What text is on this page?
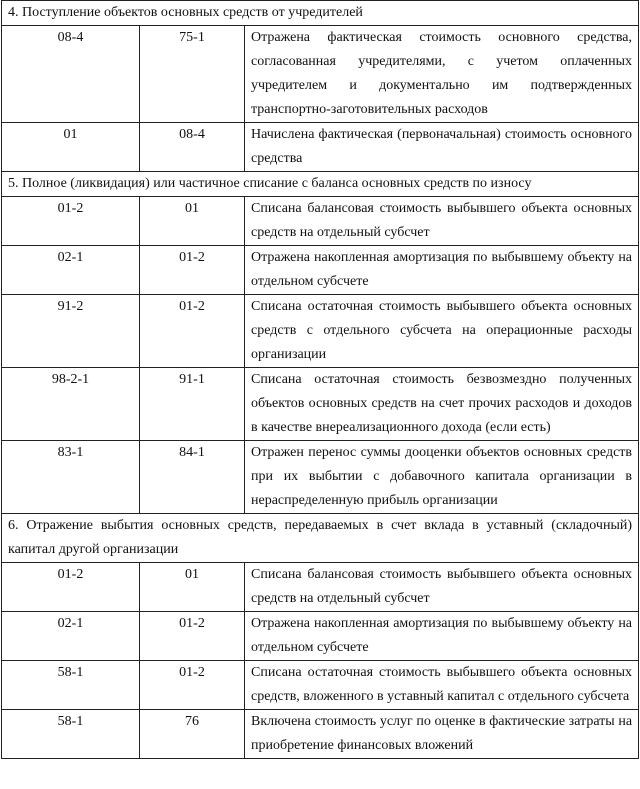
4. Поступление объектов основных средств от учредителей		
08-4	75-1	Отражена фактическая стоимость основного средства, согласованная учредителями, с учетом оплаченных учредителем и документально им подтвержденных транспортно-заготовительных расходов
01	08-4	Начислена фактическая (первоначальная) стоимость основного средства
5. Полное (ликвидация) или частичное списание с баланса основных средств по износу		
01-2	01	Списана балансовая стоимость выбывшего объекта основных средств на отдельный субсчет
02-1	01-2	Отражена накопленная амортизация по выбывшему объекту на отдельном субсчете
91-2	01-2	Списана остаточная стоимость выбывшего объекта основных средств с отдельного субсчета на операционные расходы организации
98-2-1	91-1	Списана остаточная стоимость безвозмездно полученных объектов основных средств на счет прочих расходов и доходов в качестве внереализационного дохода (если есть)
83-1	84-1	Отражен перенос суммы дооценки объектов основных средств при их выбытии с добавочного капитала организации в нераспределенную прибыль организации
6. Отражение выбытия основных средств, передаваемых в счет вклада в уставный (складочный) капитал другой организации		
01-2	01	Списана балансовая стоимость выбывшего объекта основных средств на отдельный субсчет
02-1	01-2	Отражена накопленная амортизация по выбывшему объекту на отдельном субсчете
58-1	01-2	Списана остаточная стоимость выбывшего объекта основных средств, вложенного в уставный капитал с отдельного субсчета
58-1	76	Включена стоимость услуг по оценке в фактические затраты на приобретение финансовых вложений
